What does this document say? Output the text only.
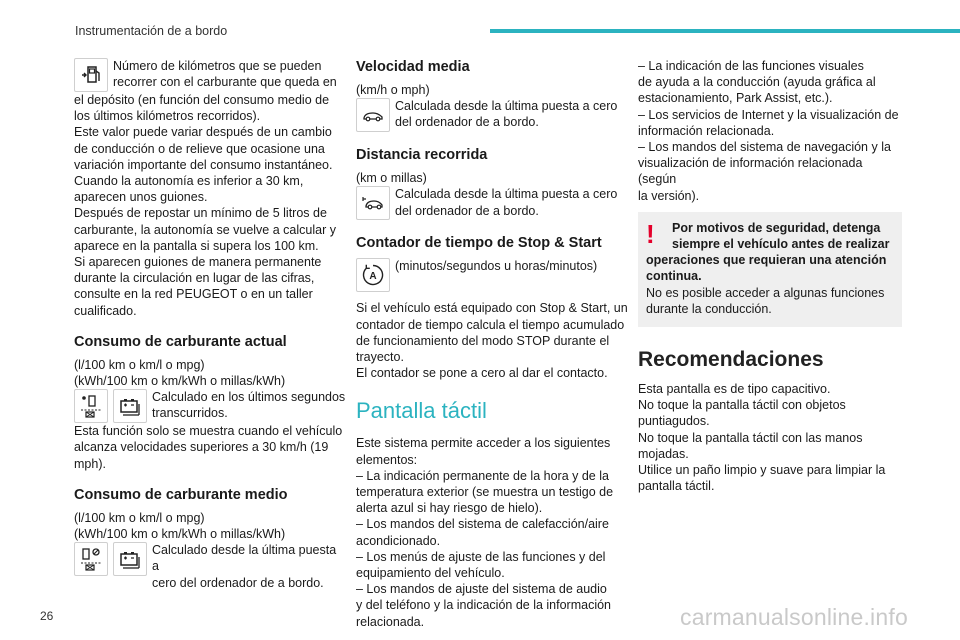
Instrumentación de a bordo

Número de kilómetros que se pueden

recorrer con el carburante que queda en

el depósito (en función del consumo medio de

los últimos kilómetros recorridos).

Este valor puede variar después de un cambio

de conducción o de relieve que ocasione una

variación importante del consumo instantáneo.

Cuando la autonomía es inferior a 30 km,

aparecen unos guiones.

Después de repostar un mínimo de 5 litros de

carburante, la autonomía se vuelve a calcular y

aparece en la pantalla si supera los 100 km.

Si aparecen guiones de manera permanente

durante la circulación en lugar de las cifras,

consulte en la red PEUGEOT o en un taller

cualificado.

Consumo de carburante actual

(l/100 km o km/l o mpg)

(kWh/100 km o km/kWh o millas/kWh)

Calculado en los últimos segundos

transcurridos.

Esta función solo se muestra cuando el vehículo

alcanza velocidades superiores a 30 km/h (19

mph).

Consumo de carburante medio

(l/100 km o km/l o mpg)

(kWh/100 km o km/kWh o millas/kWh)

Calculado desde la última puesta a

cero del ordenador de a bordo.

Velocidad media

(km/h o mph)

Calculada desde la última puesta a cero

del ordenador de a bordo.

Distancia recorrida

(km o millas)

Calculada desde la última puesta a cero

del ordenador de a bordo.

Contador de tiempo de Stop & Start
A

(minutos/segundos u horas/minutos)

Si el vehículo está equipado con Stop & Start, un

contador de tiempo calcula el tiempo acumulado

de funcionamiento del modo STOP durante el

trayecto.

El contador se pone a cero al dar el contacto.

Pantalla táctil

Este sistema permite acceder a los siguientes

elementos:

– La indicación permanente de la hora y de la

temperatura exterior (se muestra un testigo de

alerta azul si hay riesgo de hielo).

– Los mandos del sistema de calefacción/aire

acondicionado.

– Los menús de ajuste de las funciones y del

equipamiento del vehículo.

– Los mandos de ajuste del sistema de audio

y del teléfono y la indicación de la información

relacionada.

– La indicación de las funciones visuales

de ayuda a la conducción (ayuda gráfica al

estacionamiento, Park Assist, etc.).

– Los servicios de Internet y la visualización de

información relacionada.

– Los mandos del sistema de navegación y la

visualización de información relacionada (según

la versión).

!	Por motivos de seguridad, detenga

siempre el vehículo antes de realizar

operaciones que requieran una atención

continua.

No es posible acceder a algunas funciones

durante la conducción.

Recomendaciones

Esta pantalla es de tipo capacitivo.

No toque la pantalla táctil con objetos

puntiagudos.

No toque la pantalla táctil con las manos

mojadas.

Utilice un paño limpio y suave para limpiar la

pantalla táctil.

26	carmanualsonline.info
